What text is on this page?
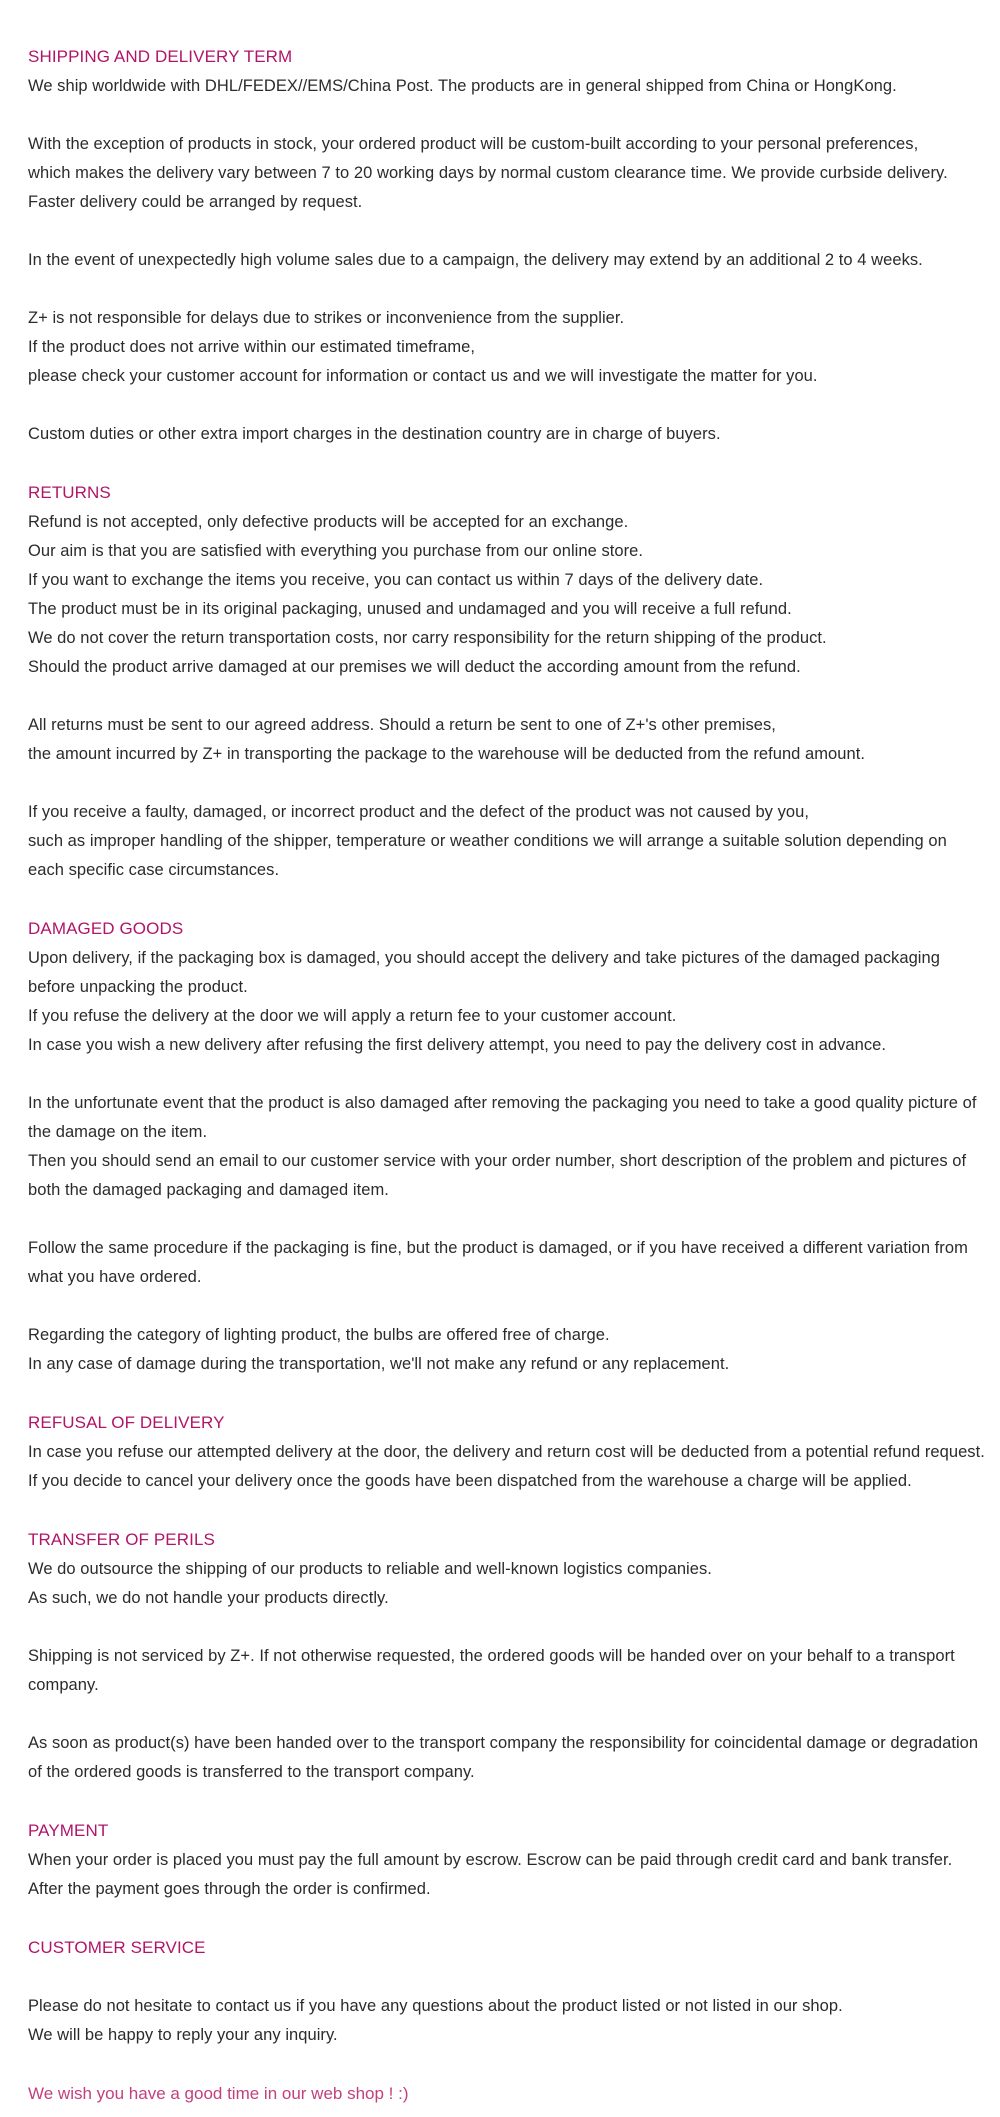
SHIPPING AND DELIVERY TERM
We ship worldwide with DHL/FEDEX//EMS/China Post. The products are in general shipped from China or HongKong.
With the exception of products in stock, your ordered product will be custom-built according to your personal preferences,
which makes the delivery vary between 7 to 20 working days by normal custom clearance time. We provide curbside delivery.
Faster delivery could be arranged by request.
In the event of unexpectedly high volume sales due to a campaign, the delivery may extend by an additional 2 to 4 weeks.
Z+ is not responsible for delays due to strikes or inconvenience from the supplier.
If the product does not arrive within our estimated timeframe,
please check your customer account for information or contact us and we will investigate the matter for you.
Custom duties or other extra import charges in the destination country are in charge of buyers.
RETURNS
Refund is not accepted, only defective products will be accepted for an exchange.
Our aim is that you are satisfied with everything you purchase from our online store.
If you want to exchange the items you receive, you can contact us within 7 days of the delivery date.
The product must be in its original packaging, unused and undamaged and you will receive a full refund.
We do not cover the return transportation costs, nor carry responsibility for the return shipping of the product.
Should the product arrive damaged at our premises we will deduct the according amount from the refund.
All returns must be sent to our agreed address. Should a return be sent to one of Z+'s other premises,
the amount incurred by Z+ in transporting the package to the warehouse will be deducted from the refund amount.
If you receive a faulty, damaged, or incorrect product and the defect of the product was not caused by you,
such as improper handling of the shipper, temperature or weather conditions we will arrange a suitable solution depending on
each specific case circumstances.
DAMAGED GOODS
Upon delivery, if the packaging box is damaged, you should accept the delivery and take pictures of the damaged packaging
before unpacking the product.
If you refuse the delivery at the door we will apply a return fee to your customer account.
In case you wish a new delivery after refusing the first delivery attempt, you need to pay the delivery cost in advance.
In the unfortunate event that the product is also damaged after removing the packaging you need to take a good quality picture of
the damage on the item.
Then you should send an email to our customer service with your order number, short description of the problem and pictures of
both the damaged packaging and damaged item.
Follow the same procedure if the packaging is fine, but the product is damaged, or if you have received a different variation from
what you have ordered.
Regarding the category of lighting product, the bulbs are offered free of charge.
In any case of damage during the transportation, we'll not make any refund or any replacement.
REFUSAL OF DELIVERY
In case you refuse our attempted delivery at the door, the delivery and return cost will be deducted from a potential refund request.
If you decide to cancel your delivery once the goods have been dispatched from the warehouse a charge will be applied.
TRANSFER OF PERILS
We do outsource the shipping of our products to reliable and well-known logistics companies.
As such, we do not handle your products directly.
Shipping is not serviced by Z+. If not otherwise requested, the ordered goods will be handed over on your behalf to a transport
company.
As soon as product(s) have been handed over to the transport company the responsibility for coincidental damage or degradation
of the ordered goods is transferred to the transport company.
PAYMENT
When your order is placed you must pay the full amount by escrow. Escrow can be paid through credit card and bank transfer.
After the payment goes through the order is confirmed.
CUSTOMER SERVICE
Please do not hesitate to contact us if you have any questions about the product listed or not listed in our shop.
We will be happy to reply your any inquiry.

We wish you have a good time in our web shop ! :)
